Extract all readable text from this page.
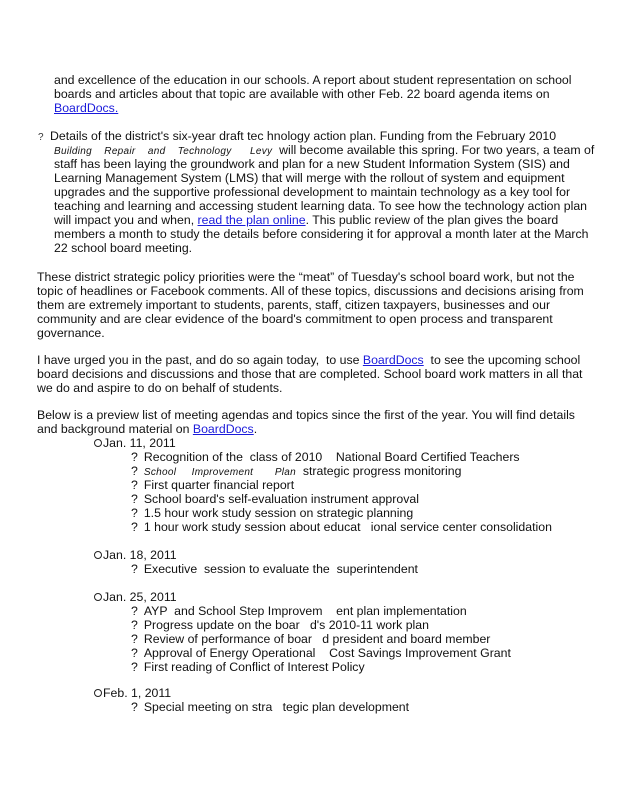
and excellence of the education in our schools. A report about student representation on school

boards and articles about that topic are available with other Feb. 22 board agenda items on

BoardDocs.
? Details of the district's six-year draft tec hnology action plan. Funding from the February 2010

Building    Repair    and    Technology      Levy  will become available this spring. For two years, a team of

staff has been laying the groundwork and plan for a new Student Information System (SIS) and

Learning Management System (LMS) that will merge with the rollout of system and equipment

upgrades and the supportive professional development to maintain technology as a key tool for

teaching and learning and accessing student learning data. To see how the technology action plan

will impact you and when, read the plan online. This public review of the plan gives the board

members a month to study the details before considering it for approval a month later at the March

22 school board meeting.

These district strategic policy priorities were the “meat” of Tuesday's school board work, but not the

topic of headlines or Facebook comments. All of these topics, discussions and decisions arising from

them are extremely important to students, parents, staff, citizen taxpayers, businesses and our

community and are clear evidence of the board's commitment to open process and transparent

governance.

I have urged you in the past, and do so again today,  to use BoardDocs  to see the upcoming school

board decisions and discussions and those that are completed. School board work matters in all that

we do and aspire to do on behalf of students.

Below is a preview list of meeting agendas and topics since the first of the year. You will find details

and background material on BoardDocs.

Jan. 11, 2011
? Recognition of the  class of 2010    National Board Certified Teachers
? School     Improvement       Plan  strategic progress monitoring
? First quarter financial report
? School board's self-evaluation instrument approval
? 1.5 hour work study session on strategic planning
? 1 hour work study session about educat   ional service center consolidation
Jan. 18, 2011
? Executive  session to evaluate the  superintendent
Jan. 25, 2011
? AYP  and School Step Improvem    ent plan implementation
? Progress update on the boar   d's 2010-11 work plan
? Review of performance of boar   d president and board member
? Approval of Energy Operational    Cost Savings Improvement Grant
? First reading of Conflict of Interest Policy
Feb. 1, 2011
? Special meeting on stra   tegic plan development
